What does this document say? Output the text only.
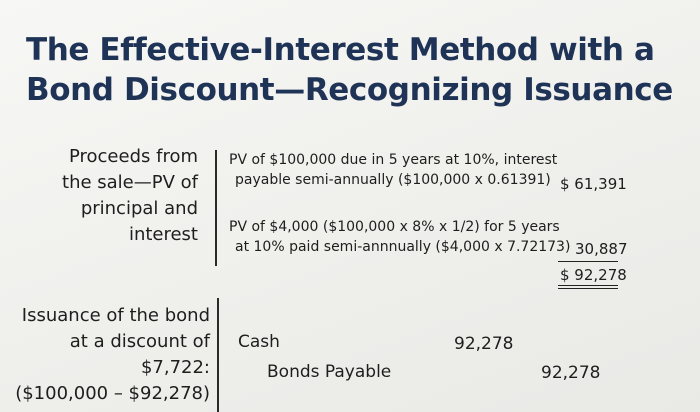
The Effective-Interest Method with a
Bond Discount—Recognizing Issuance
Proceeds from
the sale—PV of
principal and
interest
PV of $100,000 due in 5 years at 10%, interest
payable semi-annually ($100,000 x 0.61391) $ 61,391
PV of $4,000 ($100,000 x 8% x 1/2) for 5 years
at 10% paid semi-annnually ($4,000 x 7.72173) 30,887
$ 92,278
Issuance of the bond
at a discount of
$7,722:
($100,000 – $92,278)
Cash	92,278
Bonds Payable	92,278
